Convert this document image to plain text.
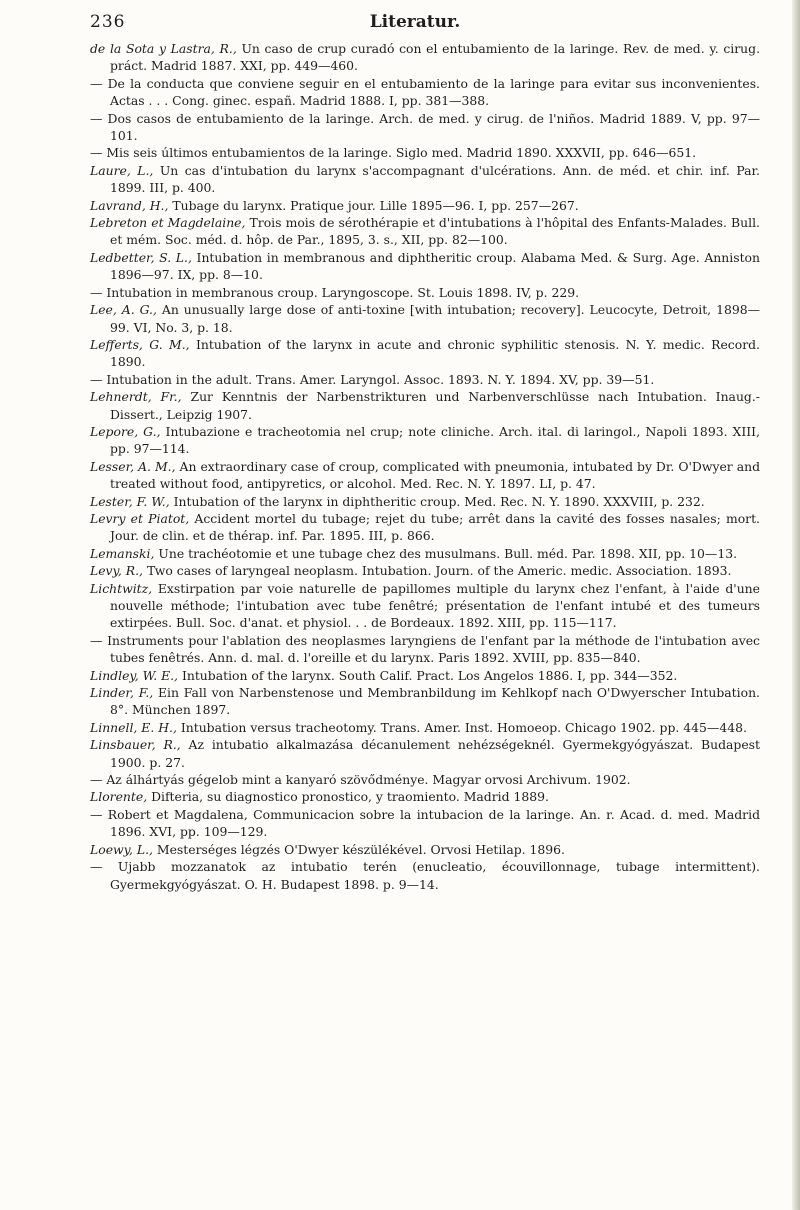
236	Literatur.

de la Sota y Lastra, R., Un caso de crup curadó con el entubamiento de la laringe. Rev. de med. y. cirug. práct. Madrid 1887. XXI, pp. 449—460.

— De la conducta que conviene seguir en el entubamiento de la laringe para evitar sus inconvenientes. Actas . . . Cong. ginec. españ. Madrid 1888. I, pp. 381—388.

— Dos casos de entubamiento de la laringe. Arch. de med. y cirug. de l'niños. Madrid 1889. V, pp. 97—101.

— Mis seis últimos entubamientos de la laringe. Siglo med. Madrid 1890. XXXVII, pp. 646—651.

Laure, L., Un cas d'intubation du larynx s'accompagnant d'ulcérations. Ann. de méd. et chir. inf. Par. 1899. III, p. 400.

Lavrand, H., Tubage du larynx. Pratique jour. Lille 1895—96. I, pp. 257—267.

Lebreton et Magdelaine, Trois mois de sérothérapie et d'intubations à l'hôpital des Enfants-Malades. Bull. et mém. Soc. méd. d. hôp. de Par., 1895, 3. s., XII, pp. 82—100.

Ledbetter, S. L., Intubation in membranous and diphtheritic croup. Alabama Med. & Surg. Age. Anniston 1896—97. IX, pp. 8—10.

— Intubation in membranous croup. Laryngoscope. St. Louis 1898. IV, p. 229.

Lee, A. G., An unusually large dose of anti-toxine [with intubation; recovery]. Leucocyte, Detroit, 1898—99. VI, No. 3, p. 18.

Lefferts, G. M., Intubation of the larynx in acute and chronic syphilitic stenosis. N. Y. medic. Record. 1890.

— Intubation in the adult. Trans. Amer. Laryngol. Assoc. 1893. N. Y. 1894. XV, pp. 39—51.

Lehnerdt, Fr., Zur Kenntnis der Narbenstrikturen und Narbenverschlüsse nach Intubation. Inaug.-Dissert., Leipzig 1907.

Lepore, G., Intubazione e tracheotomia nel crup; note cliniche. Arch. ital. di laringol., Napoli 1893. XIII, pp. 97—114.

Lesser, A. M., An extraordinary case of croup, complicated with pneumonia, intubated by Dr. O'Dwyer and treated without food, antipyretics, or alcohol. Med. Rec. N. Y. 1897. LI, p. 47.

Lester, F. W., Intubation of the larynx in diphtheritic croup. Med. Rec. N. Y. 1890. XXXVIII, p. 232.

Levry et Piatot, Accident mortel du tubage; rejet du tube; arrêt dans la cavité des fosses nasales; mort. Jour. de clin. et de thérap. inf. Par. 1895. III, p. 866.

Lemanski, Une trachéotomie et une tubage chez des musulmans. Bull. méd. Par. 1898. XII, pp. 10—13.

Levy, R., Two cases of laryngeal neoplasm. Intubation. Journ. of the Americ. medic. Association. 1893.

Lichtwitz, Exstirpation par voie naturelle de papillomes multiple du larynx chez l'enfant, à l'aide d'une nouvelle méthode; l'intubation avec tube fenêtré; présentation de l'enfant intubé et des tumeurs extirpées. Bull. Soc. d'anat. et physiol. . . de Bordeaux. 1892. XIII, pp. 115—117.

— Instruments pour l'ablation des neoplasmes laryngiens de l'enfant par la méthode de l'intubation avec tubes fenêtrés. Ann. d. mal. d. l'oreille et du larynx. Paris 1892. XVIII, pp. 835—840.

Lindley, W. E., Intubation of the larynx. South Calif. Pract. Los Angelos 1886. I, pp. 344—352.

Linder, F., Ein Fall von Narbenstenose und Membranbildung im Kehlkopf nach O'Dwyerscher Intubation. 8°. München 1897.

Linnell, E. H., Intubation versus tracheotomy. Trans. Amer. Inst. Homoeop. Chicago 1902. pp. 445—448.

Linsbauer, R., Az intubatio alkalmazása décanulement nehézségeknél. Gyermekgyógyászat. Budapest 1900. p. 27.

— Az álhártyás gégelob mint a kanyaró szövődménye. Magyar orvosi Archivum. 1902.

Llorente, Difteria, su diagnostico pronostico, y traomiento. Madrid 1889.

— Robert et Magdalena, Communicacion sobre la intubacion de la laringe. An. r. Acad. d. med. Madrid 1896. XVI, pp. 109—129.

Loewy, L., Mesterséges légzés O'Dwyer készülékével. Orvosi Hetilap. 1896.

— Ujabb mozzanatok az intubatio terén (enucleatio, écouvillonnage, tubage intermittent). Gyermekgyógyászat. O. H. Budapest 1898. p. 9—14.
